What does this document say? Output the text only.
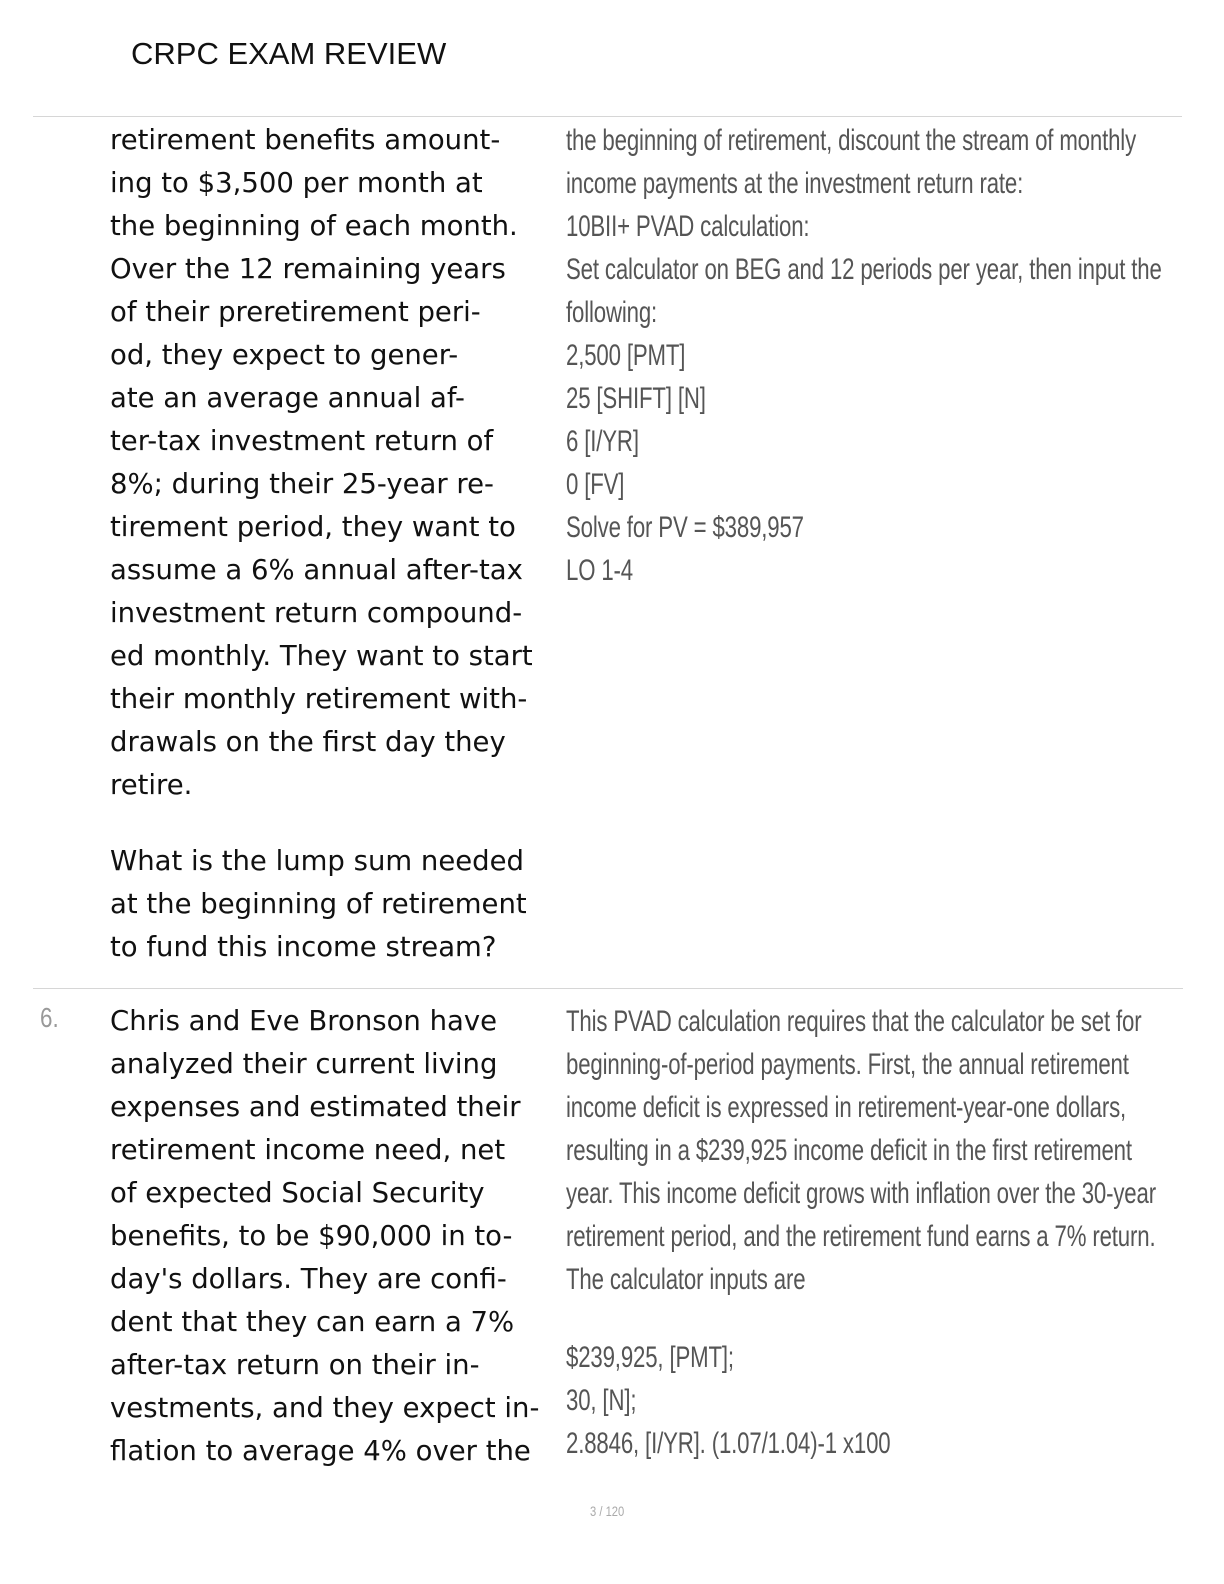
CRPC EXAM REVIEW
retirement benefits amount-
ing to $3,500 per month at
the beginning of each month.
Over the 12 remaining years
of their preretirement peri-
od, they expect to gener-
ate an average annual af-
ter-tax investment return of
8%; during their 25-year re-
tirement period, they want to
assume a 6% annual after-tax
investment return compound-
ed monthly. They want to start
their monthly retirement with-
drawals on the first day they
retire.
What is the lump sum needed
at the beginning of retirement
to fund this income stream?
the beginning of retirement, discount the stream of monthly
income payments at the investment return rate:
10BII+ PVAD calculation:
Set calculator on BEG and 12 periods per year, then input the
following:
2,500 [PMT]
25 [SHIFT] [N]
6 [I/YR]
0 [FV]
Solve for PV = $389,957
LO 1-4
6. Chris and Eve Bronson have
analyzed their current living
expenses and estimated their
retirement income need, net
of expected Social Security
benefits, to be $90,000 in to-
day's dollars. They are confi-
dent that they can earn a 7%
after-tax return on their in-
vestments, and they expect in-
flation to average 4% over the
This PVAD calculation requires that the calculator be set for
beginning-of-period payments. First, the annual retirement
income deficit is expressed in retirement-year-one dollars,
resulting in a $239,925 income deficit in the first retirement
year. This income deficit grows with inflation over the 30-year
retirement period, and the retirement fund earns a 7% return.
The calculator inputs are
$239,925, [PMT];
30, [N];
2.8846, [I/YR]. (1.07/1.04)-1 x100
3 / 120
